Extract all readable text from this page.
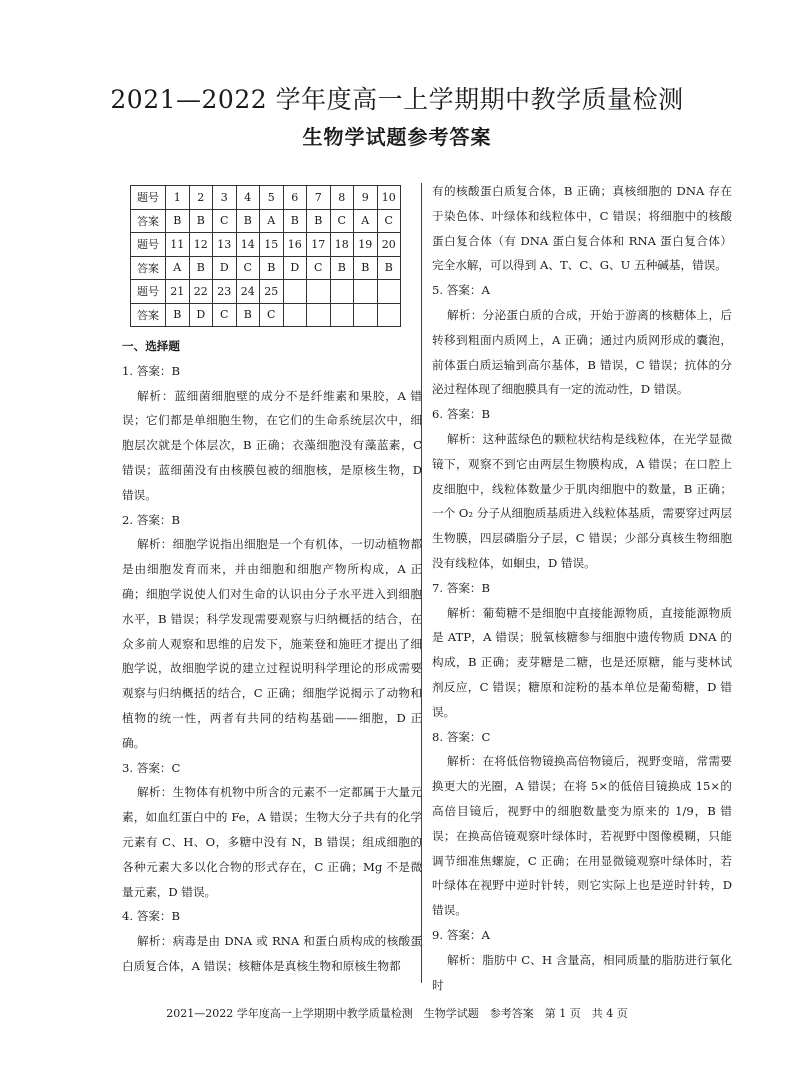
2021—2022 学年度高一上学期期中教学质量检测
生物学试题参考答案
题号	1	2	3	4	5	6	7	8	9	10
答案	B	B	C	B	A	B	B	C	A	C
题号	11	12	13	14	15	16	17	18	19	20
答案	A	B	D	C	B	D	C	B	B	B
题号	21	22	23	24	25					
答案	B	D	C	B	C					

一、选择题

1. 答案：B

解析：蓝细菌细胞壁的成分不是纤维素和果胶，A 错误；它们都是单细胞生物，在它们的生命系统层次中，细胞层次就是个体层次，B 正确；衣藻细胞没有藻蓝素，C 错误；蓝细菌没有由核膜包被的细胞核，是原核生物，D 错误。

2. 答案：B

解析：细胞学说指出细胞是一个有机体，一切动植物都是由细胞发育而来，并由细胞和细胞产物所构成，A 正确；细胞学说使人们对生命的认识由分子水平进入到细胞水平，B 错误；科学发现需要观察与归纳概括的结合，在众多前人观察和思维的启发下，施莱登和施旺才提出了细胞学说，故细胞学说的建立过程说明科学理论的形成需要观察与归纳概括的结合，C 正确；细胞学说揭示了动物和植物的统一性，两者有共同的结构基础——细胞，D 正确。

3. 答案：C

解析：生物体有机物中所含的元素不一定都属于大量元素，如血红蛋白中的 Fe，A 错误；生物大分子共有的化学元素有 C、H、O，多糖中没有 N，B 错误；组成细胞的各种元素大多以化合物的形式存在，C 正确；Mg 不是微量元素，D 错误。

4. 答案：B

解析：病毒是由 DNA 或 RNA 和蛋白质构成的核酸蛋白质复合体，A 错误；核糖体是真核生物和原核生物都

有的核酸蛋白质复合体，B 正确；真核细胞的 DNA 存在于染色体、叶绿体和线粒体中，C 错误；将细胞中的核酸蛋白复合体（有 DNA 蛋白复合体和 RNA 蛋白复合体）完全水解，可以得到 A、T、C、G、U 五种碱基，错误。

5. 答案：A

解析：分泌蛋白质的合成，开始于游离的核糖体上，后转移到粗面内质网上，A 正确；通过内质网形成的囊泡，前体蛋白质运输到高尔基体，B 错误，C 错误；抗体的分泌过程体现了细胞膜具有一定的流动性，D 错误。

6. 答案：B

解析：这种蓝绿色的颗粒状结构是线粒体，在光学显微镜下，观察不到它由两层生物膜构成，A 错误；在口腔上皮细胞中，线粒体数量少于肌肉细胞中的数量，B 正确；一个 O₂ 分子从细胞质基质进入线粒体基质，需要穿过两层生物膜，四层磷脂分子层，C 错误；少部分真核生物细胞没有线粒体，如蛔虫，D 错误。

7. 答案：B

解析：葡萄糖不是细胞中直接能源物质，直接能源物质是 ATP，A 错误；脱氧核糖参与细胞中遗传物质 DNA 的构成，B 正确；麦芽糖是二糖，也是还原糖，能与斐林试剂反应，C 错误；糖原和淀粉的基本单位是葡萄糖，D 错误。

8. 答案：C

解析：在将低倍物镜换高倍物镜后，视野变暗，常需要换更大的光圈，A 错误；在将 5×的低倍目镜换成 15×的高倍目镜后，视野中的细胞数量变为原来的 1/9，B 错误；在换高倍镜观察叶绿体时，若视野中图像模糊，只能调节细准焦螺旋，C 正确；在用显微镜观察叶绿体时，若叶绿体在视野中逆时针转，则它实际上也是逆时针转，D 错误。

9. 答案：A

解析：脂肪中 C、H 含量高，相同质量的脂肪进行氧化时

2021—2022 学年度高一上学期期中教学质量检测　生物学试题　参考答案　第 1 页　共 4 页
